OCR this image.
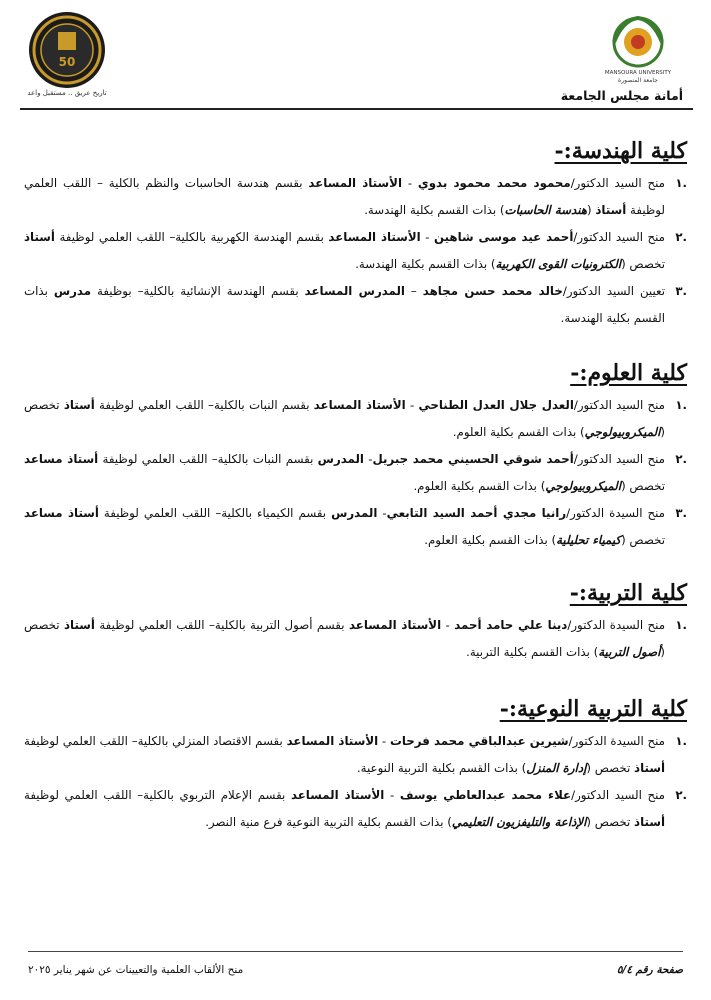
50
تاريخ عريق .. مستقبل واعد
MANSOURA UNIVERSITY
جامعة المنصورة
أمانة مجلس الجامعة
كلية الهندسة:-
.١
منح السيد الدكتور/محمود محمد محمود بدوي - الأستاذ المساعد بقسم هندسة الحاسبات والنظم بالكلية – اللقب العلمي لوظيفة أستاذ (هندسة الحاسبات) بذات القسم بكلية الهندسة.
.٢
منح السيد الدكتور/أحمد عيد موسى شاهين - الأستاذ المساعد بقسم الهندسة الكهربية بالكلية– اللقب العلمي لوظيفة أستاذ تخصص (الكترونيات القوى الكهربية) بذات القسم بكلية الهندسة.
.٣
تعيين السيد الدكتور/خالد محمد حسن مجاهد – المدرس المساعد بقسم الهندسة الإنشائية بالكلية– بوظيفة مدرس بذات القسم بكلية الهندسة.
كلية العلوم:-
.١
منح السيد الدكتور/العدل جلال العدل الطناحي - الأستاذ المساعد بقسم النبات بالكلية– اللقب العلمي لوظيفة أستاذ تخصص (الميكروبيولوجي) بذات القسم بكلية العلوم.
.٢
منح السيد الدكتور/أحمد شوقي الحسيني محمد جبريل- المدرس بقسم النبات بالكلية– اللقب العلمي لوظيفة أستاذ مساعد تخصص (الميكروبيولوجي) بذات القسم بكلية العلوم.
.٣
منح السيدة الدكتور/رانيا مجدي أحمد السيد التابعي- المدرس بقسم الكيمياء بالكلية– اللقب العلمي لوظيفة أستاذ مساعد تخصص (كيمياء تحليلية) بذات القسم بكلية العلوم.
كلية التربية:-
.١
منح السيدة الدكتور/دينا علي حامد أحمد - الأستاذ المساعد بقسم أصول التربية بالكلية– اللقب العلمي لوظيفة أستاذ تخصص (أصول التربية) بذات القسم بكلية التربية.
كلية التربية النوعية:-
.١
منح السيدة الدكتور/شيرين عبدالباقي محمد فرحات - الأستاذ المساعد بقسم الاقتصاد المنزلي بالكلية– اللقب العلمي لوظيفة أستاذ تخصص (إدارة المنزل) بذات القسم بكلية التربية النوعية.
.٢
منح السيد الدكتور/علاء محمد عبدالعاطي يوسف - الأستاذ المساعد بقسم الإعلام التربوي بالكلية– اللقب العلمي لوظيفة أستاذ تخصص (الإذاعة والتليفزيون التعليمي) بذات القسم بكلية التربية النوعية فرع منية النصر.
صفحة رقم ٥/٤
منح الألقاب العلمية والتعيينات عن شهر يناير ٢٠٢٥
